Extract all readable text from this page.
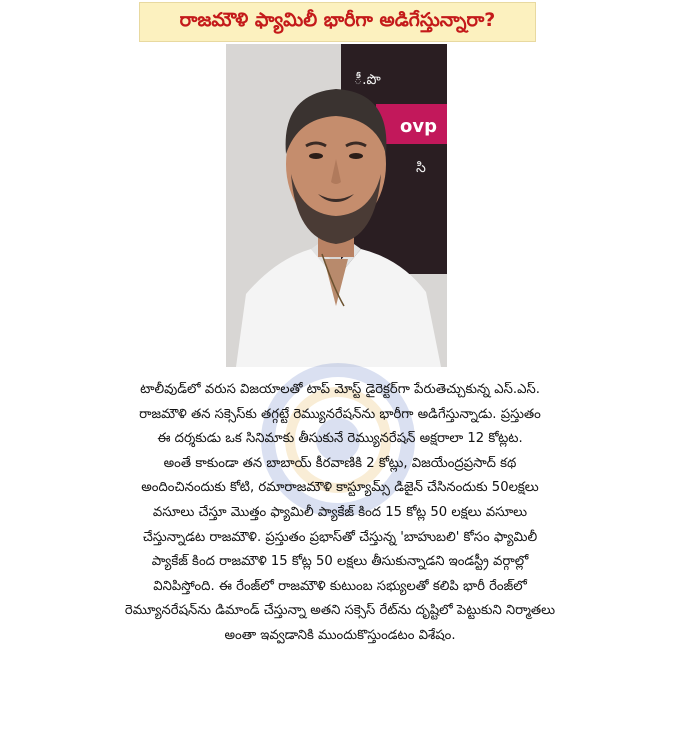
రాజమౌళి ఫ్యామిలీ భారీగా అడిగేస్తున్నారా?
ీ.పొ
ovp
సి

టాలీవుడ్‌లో వరుస విజయాలతో టాప్ మోస్ట్ డైరెక్టర్‌గా పేరుతెచ్చుకున్న ఎస్.ఎస్.
రాజమౌళి తన సక్సెస్‌కు తగ్గట్టే రెమ్యునరేషన్‌ను భారీగా అడిగేస్తున్నాడు. ప్రస్తుతం
ఈ దర్శకుడు ఒక సినిమాకు తీసుకునే రెమ్యునరేషన్ అక్షరాలా 12 కోట్లట.
అంతే కాకుండా తన బాబాయ్ కీరవాణికి 2 కోట్లు, విజయేంద్రప్రసాద్ కథ
అందించినందుకు కోటి, రమారాజమౌళి కాస్ట్యూమ్స్ డిజైన్ చేసినందుకు 50లక్షలు
వసూలు చేస్తూ మొత్తం ఫ్యామిలీ ప్యాకేజ్ కింద 15 కోట్ల 50 లక్షలు వసూలు
చేస్తున్నాడట రాజమౌళి. ప్రస్తుతం ప్రభాస్‌తో చేస్తున్న 'బాహుబలి' కోసం ఫ్యామిలీ
ప్యాకేజ్ కింద రాజమౌళి 15 కోట్ల 50 లక్షలు తీసుకున్నాడని ఇండస్ట్రీ వర్గాల్లో
వినిపిస్తోంది. ఈ రేంజ్‌లో రాజమౌళి కుటుంబ సభ్యులతో కలిపి భారీ రేంజ్‌లో
రెమ్యూనరేషన్‌ను డిమాండ్ చేస్తున్నా అతని సక్సెస్ రేట్‌ను దృష్టిలో పెట్టుకుని నిర్మాతలు
అంతా ఇవ్వడానికి ముందుకొస్తుండటం విశేషం.
